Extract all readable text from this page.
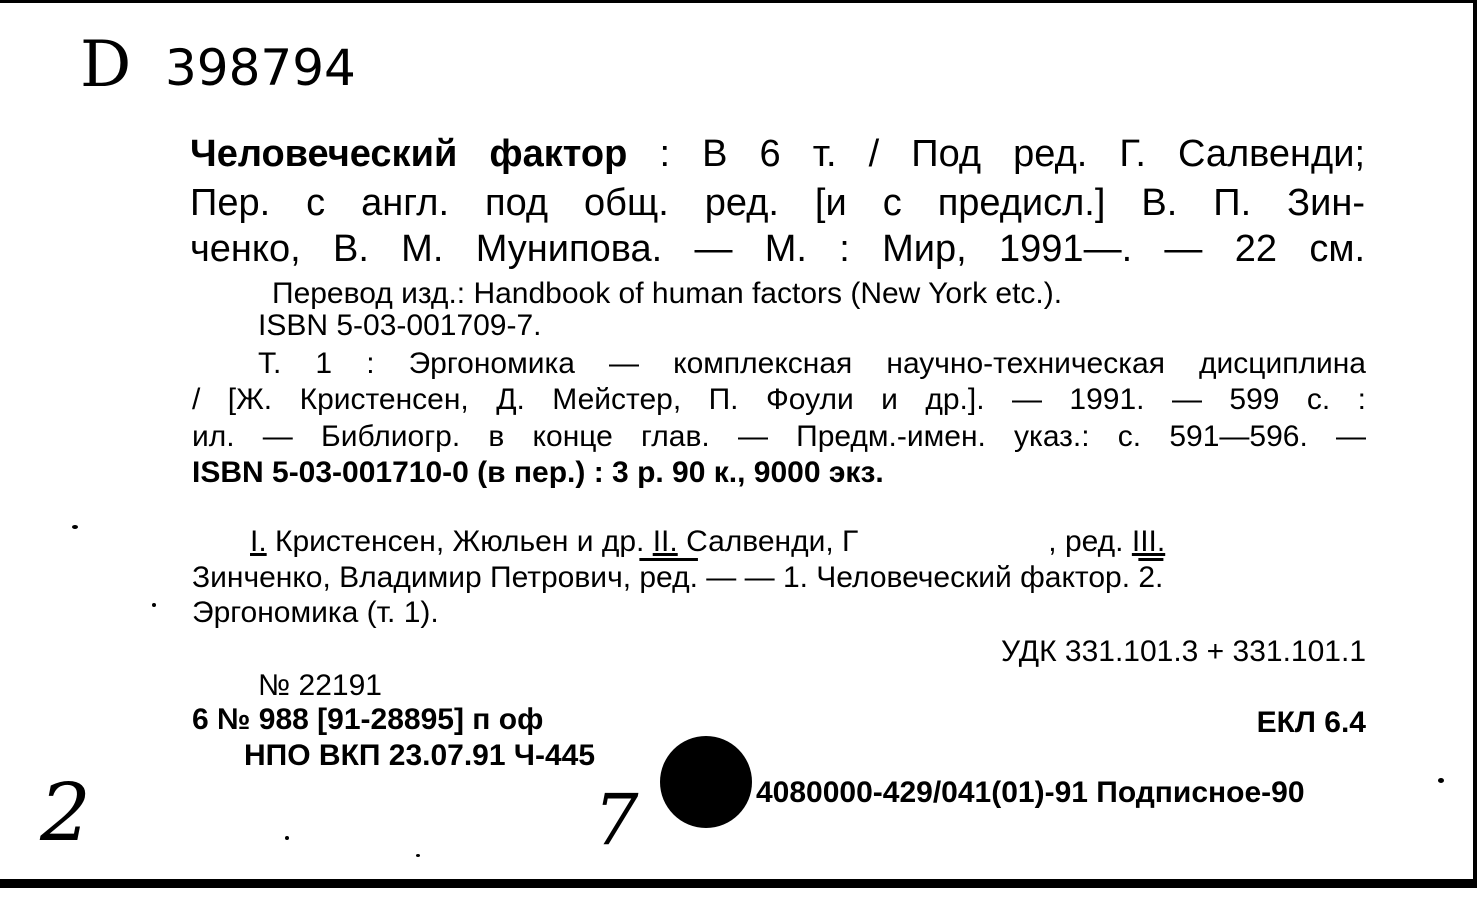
D 398794
Человеческий фактор : В 6 т. / Под ред. Г. Салвенди;
Пер. с англ. под общ. ред. [и с предисл.] В. П. Зин-
ченко, В. М. Мунипова. — М. : Мир, 1991—. — 22 см.
Перевод изд.: Handbook of human factors (New York etc.).
ISBN 5-03-001709-7.
Т. 1 : Эргономика — комплексная научно-техническая дисциплина
/ [Ж. Кристенсен, Д. Мейстер, П. Фоули и др.]. — 1991. — 599 с. :
ил. — Библиогр. в конце глав. — Предм.-имен. указ.: с. 591—596. —
ISBN 5-03-001710-0 (в пер.) : 3 р. 90 к., 9000 экз.
I. Кристенсен, Жюльен и др. II. Салвенди, Г	, ред. III.
Зинченко, Владимир Петрович, ред. — — 1. Человеческий фактор. 2.
Эргономика (т. 1).
УДК 331.101.3 + 331.101.1
№ 22191
6 № 988 [91-28895] п оф	ЕКЛ 6.4
НПО ВКП 23.07.91 Ч-445
4080000-429/041(01)-91 Подписное-90
2	7
